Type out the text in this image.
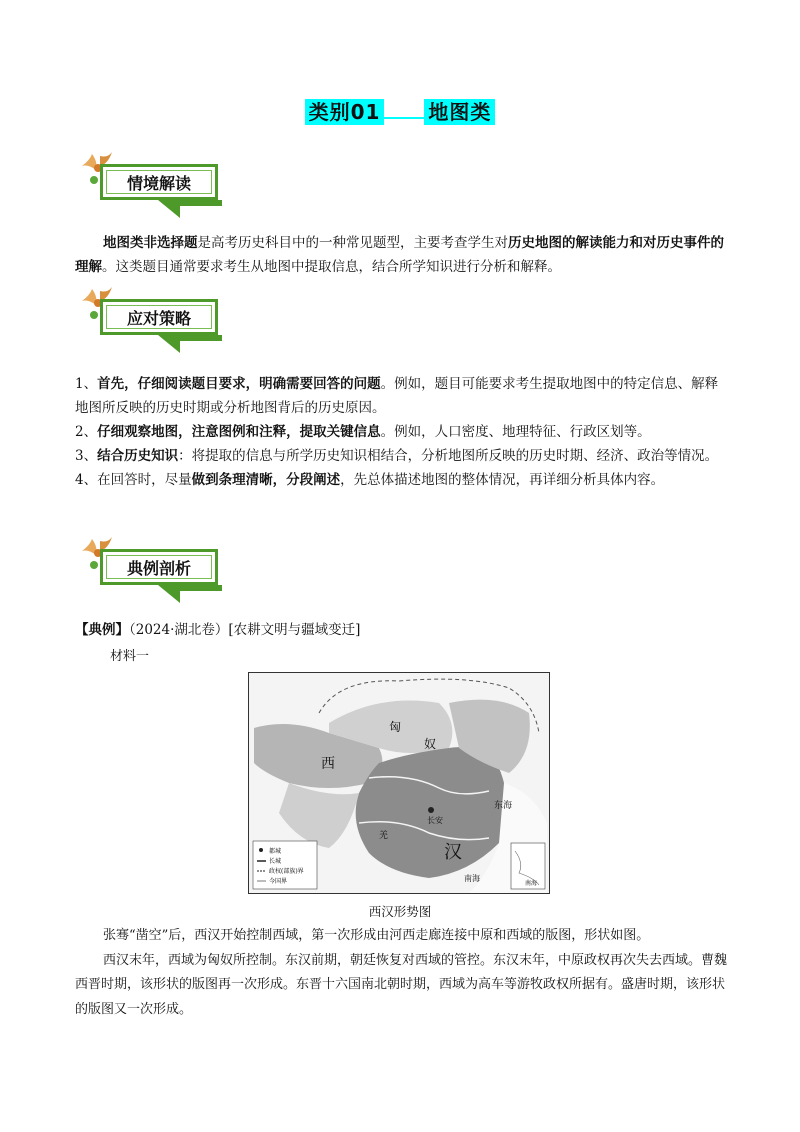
类别01 地图类
情境解读
地图类非选择题是高考历史科目中的一种常见题型，主要考查学生对历史地图的解读能力和对历史事件的理解。这类题目通常要求考生从地图中提取信息，结合所学知识进行分析和解释。
应对策略
1、首先，仔细阅读题目要求，明确需要回答的问题。例如，题目可能要求考生提取地图中的特定信息、解释地图所反映的历史时期或分析地图背后的历史原因。
2、仔细观察地图，注意图例和注释，提取关键信息。例如，人口密度、地理特征、行政区划等。
3、结合历史知识：将提取的信息与所学历史知识相结合，分析地图所反映的历史时期、经济、政治等情况。
4、在回答时，尽量做到条理清晰，分段阐述，先总体描述地图的整体情况，再详细分析具体内容。
典例剖析
【典例】（2024·湖北卷）[农耕文明与疆域变迁]
材料一
长安
匈
奴
西
汉
东海
羌
南海
都城
长城
政权(部族)界
今国界	南海
西汉形势图
张骞“凿空”后，西汉开始控制西域，第一次形成由河西走廊连接中原和西域的版图，形状如图。
西汉末年，西域为匈奴所控制。东汉前期，朝廷恢复对西域的管控。东汉末年，中原政权再次失去西域。曹魏西晋时期，该形状的版图再一次形成。东晋十六国南北朝时期，西域为高车等游牧政权所据有。盛唐时期，该形状的版图又一次形成。
